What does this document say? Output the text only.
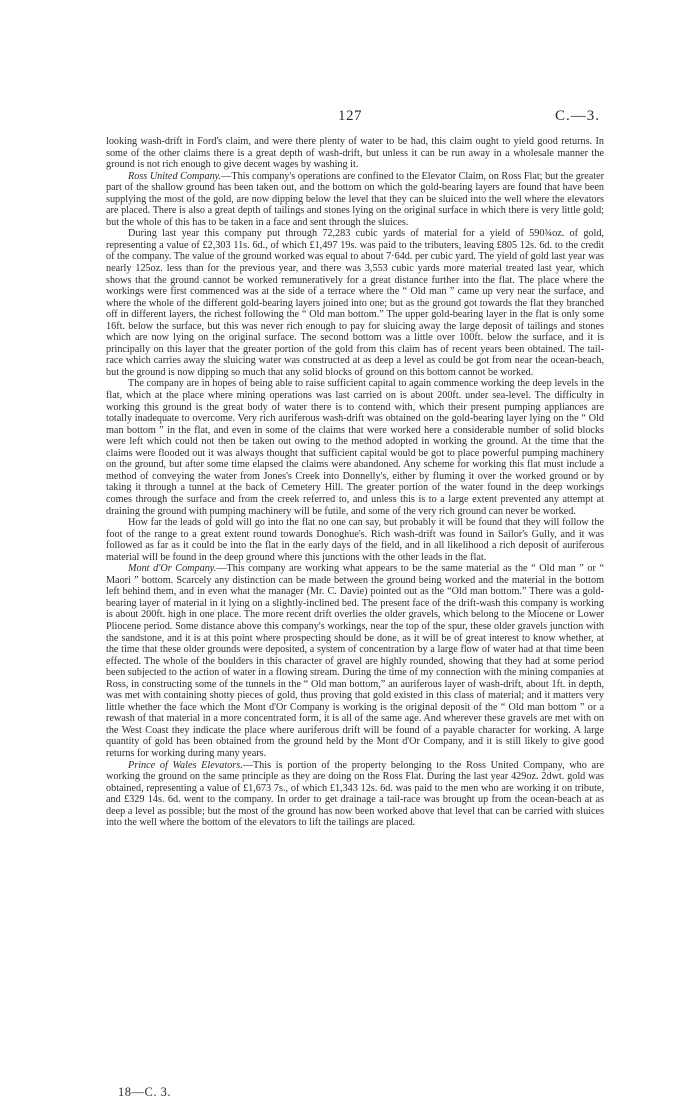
127	C.—3.

looking wash-drift in Ford's claim, and were there plenty of water to be had, this claim ought to yield good returns. In some of the other claims there is a great depth of wash-drift, but unless it can be run away in a wholesale manner the ground is not rich enough to give decent wages by washing it.

Ross United Company.—This company's operations are confined to the Elevator Claim, on Ross Flat; but the greater part of the shallow ground has been taken out, and the bottom on which the gold-bearing layers are found that have been supplying the most of the gold, are now dipping below the level that they can be sluiced into the well where the elevators are placed. There is also a great depth of tailings and stones lying on the original surface in which there is very little gold; but the whole of this has to be taken in a face and sent through the sluices.

During last year this company put through 72,283 cubic yards of material for a yield of 590¾oz. of gold, representing a value of £2,303 11s. 6d., of which £1,497 19s. was paid to the tributers, leaving £805 12s. 6d. to the credit of the company. The value of the ground worked was equal to about 7·64d. per cubic yard. The yield of gold last year was nearly 125oz. less than for the previous year, and there was 3,553 cubic yards more material treated last year, which shows that the ground cannot be worked remuneratively for a great distance further into the flat. The place where the workings were first commenced was at the side of a terrace where the “ Old man ” came up very near the surface, and where the whole of the different gold-bearing layers joined into one; but as the ground got towards the flat they branched off in different layers, the richest following the “ Old man bottom.” The upper gold-bearing layer in the flat is only some 16ft. below the surface, but this was never rich enough to pay for sluicing away the large deposit of tailings and stones which are now lying on the original surface. The second bottom was a little over 100ft. below the surface, and it is principally on this layer that the greater portion of the gold from this claim has of recent years been obtained. The tail-race which carries away the sluicing water was constructed at as deep a level as could be got from near the ocean-beach, but the ground is now dipping so much that any solid blocks of ground on this bottom cannot be worked.

The company are in hopes of being able to raise sufficient capital to again commence working the deep levels in the flat, which at the place where mining operations was last carried on is about 200ft. under sea-level. The difficulty in working this ground is the great body of water there is to contend with, which their present pumping appliances are totally inadequate to overcome. Very rich auriferous wash-drift was obtained on the gold-bearing layer lying on the “ Old man bottom ” in the flat, and even in some of the claims that were worked here a considerable number of solid blocks were left which could not then be taken out owing to the method adopted in working the ground. At the time that the claims were flooded out it was always thought that sufficient capital would be got to place powerful pumping machinery on the ground, but after some time elapsed the claims were abandoned. Any scheme for working this flat must include a method of conveying the water from Jones's Creek into Donnelly's, either by fluming it over the worked ground or by taking it through a tunnel at the back of Cemetery Hill. The greater portion of the water found in the deep workings comes through the surface and from the creek referred to, and unless this is to a large extent prevented any attempt at draining the ground with pumping machinery will be futile, and some of the very rich ground can never be worked.

How far the leads of gold will go into the flat no one can say, but probably it will be found that they will follow the foot of the range to a great extent round towards Donoghue's. Rich wash-drift was found in Sailor's Gully, and it was followed as far as it could be into the flat in the early days of the field, and in all likelihood a rich deposit of auriferous material will be found in the deep ground where this junctions with the other leads in the flat.

Mont d'Or Company.—This company are working what appears to be the same material as the “ Old man ” or “ Maori ” bottom. Scarcely any distinction can be made between the ground being worked and the material in the bottom left behind them, and in even what the manager (Mr. C. Davie) pointed out as the “Old man bottom.” There was a gold-bearing layer of material in it lying on a slightly-inclined bed. The present face of the drift-wash this company is working is about 200ft. high in one place. The more recent drift overlies the older gravels, which belong to the Miocene or Lower Pliocene period. Some distance above this company's workings, near the top of the spur, these older gravels junction with the sandstone, and it is at this point where prospecting should be done, as it will be of great interest to know whether, at the time that these older grounds were deposited, a system of concentration by a large flow of water had at that time been effected. The whole of the boulders in this character of gravel are highly rounded, showing that they had at some period been subjected to the action of water in a flowing stream. During the time of my connection with the mining companies at Ross, in constructing some of the tunnels in the “ Old man bottom,” an auriferous layer of wash-drift, about 1ft. in depth, was met with containing shotty pieces of gold, thus proving that gold existed in this class of material; and it matters very little whether the face which the Mont d'Or Company is working is the original deposit of the “ Old man bottom ” or a rewash of that material in a more concentrated form, it is all of the same age. And wherever these gravels are met with on the West Coast they indicate the place where auriferous drift will be found of a payable character for working. A large quantity of gold has been obtained from the ground held by the Mont d'Or Company, and it is still likely to give good returns for working during many years.

Prince of Wales Elevators.—This is portion of the property belonging to the Ross United Company, who are working the ground on the same principle as they are doing on the Ross Flat. During the last year 429oz. 2dwt. gold was obtained, representing a value of £1,673 7s., of which £1,343 12s. 6d. was paid to the men who are working it on tribute, and £329 14s. 6d. went to the company. In order to get drainage a tail-race was brought up from the ocean-beach at as deep a level as possible; but the most of the ground has now been worked above that level that can be carried with sluices into the well where the bottom of the elevators to lift the tailings are placed.

18—C. 3.
